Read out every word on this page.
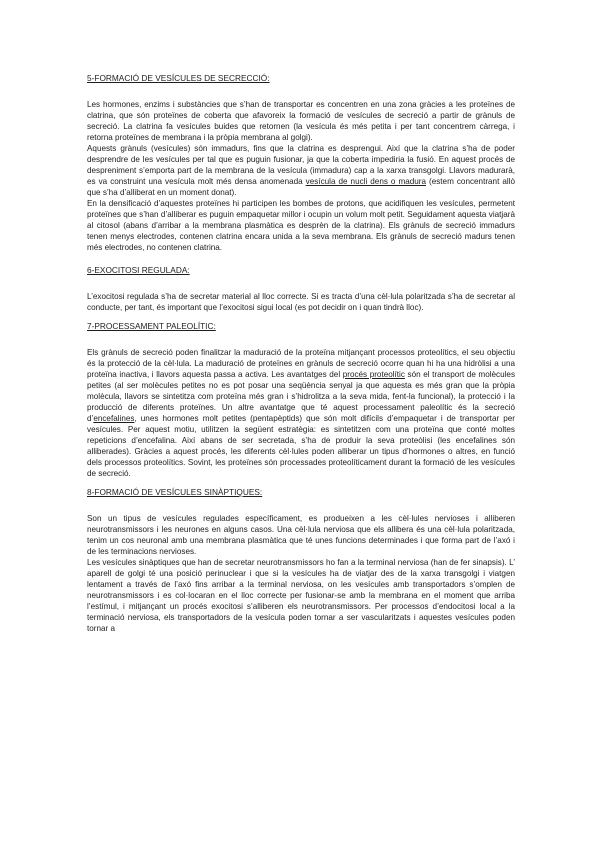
5-FORMACIÓ DE VESÍCULES DE SECRECCIÓ:

Les hormones, enzims i substàncies que s’han de transportar es concentren en una zona gràcies a les proteïnes de clatrina, que són proteïnes de coberta que afavoreix la formació de vesícules de secreció a partir de grànuls de secreció. La clatrina fa vesícules buides que retornen (la vesícula és més petita i per tant concentrem càrrega, i retorna proteïnes de membrana i la pròpia membrana al golgi).

Aquests grànuls (vesícules) són immadurs, fins que la clatrina es desprengui. Així que la clatrina s’ha de poder desprendre de les vesícules per tal que es puguin fusionar, ja que la coberta impediria la fusió. En aquest procés de despreniment s’emporta part de la membrana de la vesícula (immadura) cap a la xarxa transgolgi. Llavors madurarà, es va construint una vesícula molt més densa anomenada vesícula de nucli dens o madura (estem concentrant allò que s’ha d’alliberat en un moment donat).

En la densificació d’aquestes proteïnes hi participen les bombes de protons, que acidifiquen les vesícules, permetent proteïnes que s’han d’alliberar es puguin empaquetar millor i ocupin un volum molt petit. Seguidament aquesta viatjarà al citosol (abans d’arribar a la membrana plasmàtica es desprèn de la clatrina). Els grànuls de secreció immadurs tenen menys electrodes, contenen clatrina encara unida a la seva membrana. Els grànuls de secreció madurs tenen més electrodes, no contenen clatrina.

6-EXOCITOSI REGULADA:

L’exocitosi regulada s’ha de secretar material al lloc correcte. Si es tracta d’una cèl·lula polaritzada s’ha de secretar al conducte, per tant, és important que l’exocitosi sigui local (es pot decidir on i quan tindrà lloc).

7-PROCESSAMENT PALEOLÍTIC:

Els grànuls de secreció poden finalitzar la maduració de la proteïna mitjançant processos proteolítics, el seu objectiu és la protecció de la cèl·lula. La maduració de proteïnes en grànuls de secreció ocorre quan hi ha una hidròlisi a una proteïna inactiva, i llavors aquesta passa a activa. Les avantatges del procés proteolític són el transport de molècules petites (al ser molècules petites no es pot posar una seqüència senyal ja que aquesta es més gran que la pròpia molècula, llavors se sintetitza com proteïna més gran i s’hidrolitza a la seva mida, fent-la funcional), la protecció i la producció de diferents proteïnes. Un altre avantatge que té aquest processament paleolític és la secreció d’encefalines, unes hormones molt petites (pentapèptids) que són molt difícils d’empaquetar i de transportar per vesícules. Per aquest motiu, utilitzen la següent estratègia: es sintetitzen com una proteïna que conté moltes repeticions d’encefalina. Així abans de ser secretada, s’ha de produir la seva proteòlisi (les encefalines són alliberades). Gràcies a aquest procés, les diferents cèl·lules poden alliberar un tipus d’hormones o altres, en funció dels processos proteolítics. Sovint, les proteïnes són processades proteolíticament durant la formació de les vesícules de secreció.

8-FORMACIÓ DE VESÍCULES SINÀPTIQUES:

Son un tipus de vesícules regulades específicament, es produeixen a les cèl·lules nervioses i alliberen neurotransmissors i les neurones en alguns casos. Una cèl·lula nerviosa que els allibera és una cèl·lula polaritzada, tenim un cos neuronal amb una membrana plasmàtica que té unes funcions determinades i que forma part de l’axó i de les terminacions nervioses.

Les vesícules sinàptiques que han de secretar neurotransmissors ho fan a la terminal nerviosa (han de fer sinapsis). L’ aparell de golgi té una posició perinuclear i que si la vesícules ha de viatjar des de la xarxa transgolgi i viatgen lentament a través de l’axó fins arribar a la terminal nerviosa, on les vesícules amb transportadors s’omplen de neurotransmissors i es col·locaran en el lloc correcte per fusionar-se amb la membrana en el moment que arriba l’estímul, i mitjançant un procés exocitosi s’alliberen els neurotransmissors. Per processos d’endocitosi local a la terminació nerviosa, els transportadors de la vesícula poden tornar a ser vascularitzats i aquestes vesícules poden tornar a
